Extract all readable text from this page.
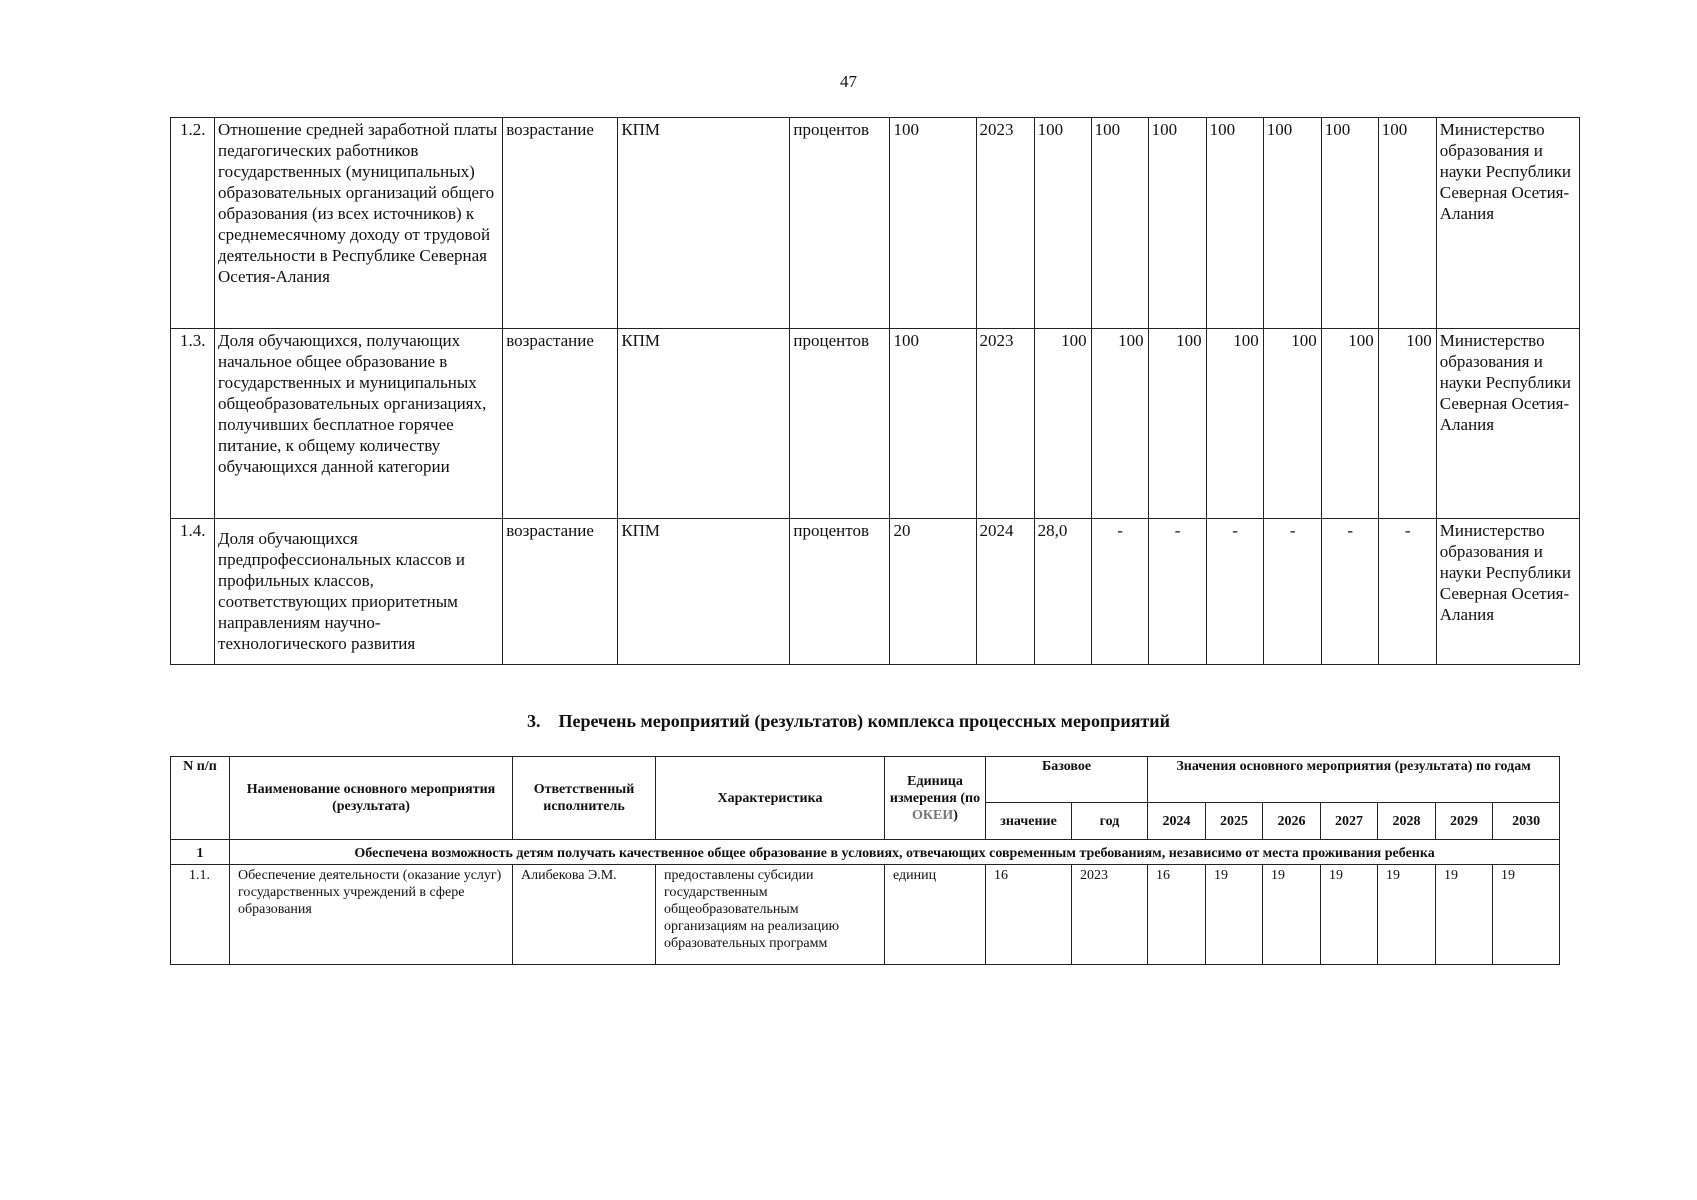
47
1.2.	Отношение средней заработной платы педагогических работников государственных (муниципальных) образовательных организаций общего образования (из всех источников) к среднемесячному доходу от трудовой деятельности в Республике Северная Осетия-Алания	возрастание	КПМ	процентов	100	2023	100	100	100	100	100	100	100	Министерство образования и науки Республики Северная Осетия-Алания
1.3.	Доля обучающихся, получающих начальное общее образование в государственных и муниципальных общеобразовательных организациях, получивших бесплатное горячее питание, к общему количеству обучающихся данной категории	возрастание	КПМ	процентов	100	2023	100	100	100	100	100	100	100	Министерство образования и науки Республики Северная Осетия-Алания
1.4.	Доля обучающихся предпрофессиональных классов и профильных классов, соответствующих приоритетным направлениям научно-технологического развития	возрастание	КПМ	процентов	20	2024	28,0	-	-	-	-	-	-	Министерство образования и науки Республики Северная Осетия-Алания
3. Перечень мероприятий (результатов) комплекса процессных мероприятий
N п/п	Наименование основного мероприятия (результата)	Ответственный исполнитель	Характеристика	Единица измерения (по ОКЕИ)	Базовое		Значения основного мероприятия (результата) по годам						
					значение	год	2024	2025	2026	2027	2028	2029	2030
1	Обеспечена возможность детям получать качественное общее образование в условиях, отвечающих современным требованиям, независимо от места проживания ребенка												
1.1.	Обеспечение деятельности (оказание услуг) государственных учреждений в сфере образования	Алибекова Э.М.	предоставлены субсидии государственным общеобразовательным организациям на реализацию образовательных программ	единиц	16	2023	16	19	19	19	19	19	19
